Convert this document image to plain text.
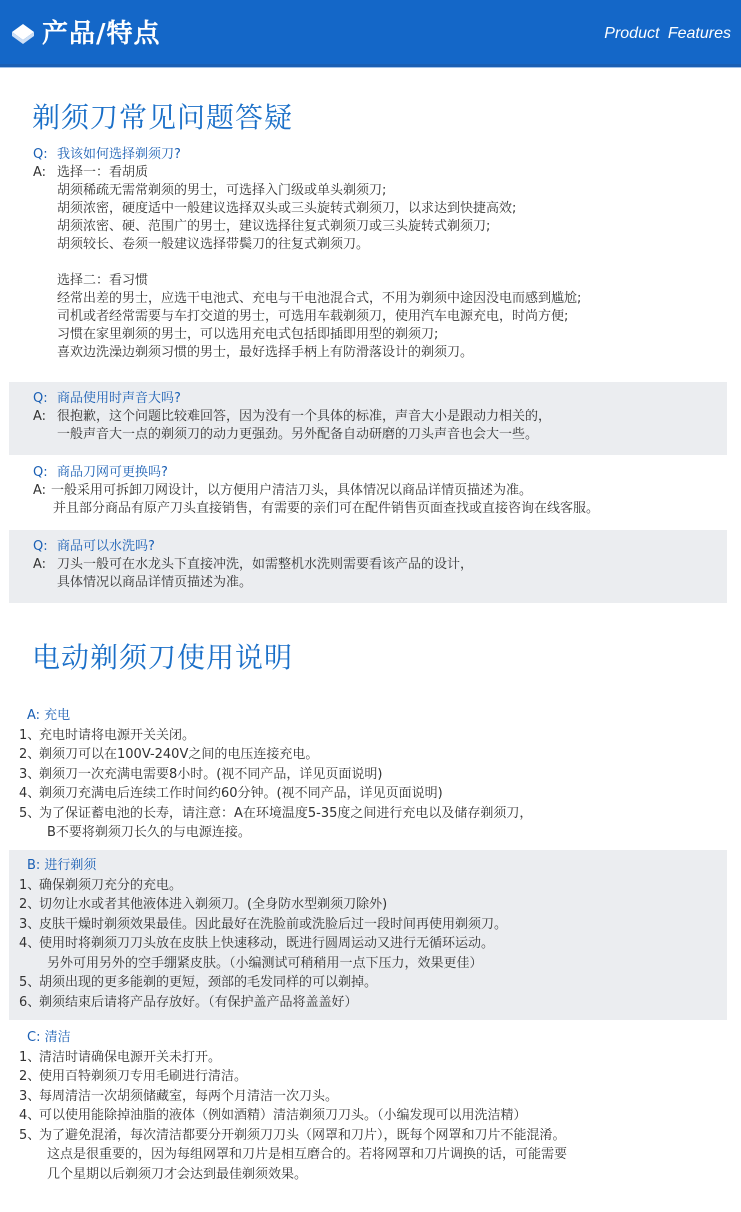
产品/特点	Product Features
剃须刀常见问题答疑
Q: 我该如何选择剃须刀?
A: 选择一：看胡质
胡须稀疏无需常剃须的男士，可选择入门级或单头剃须刀;
胡须浓密，硬度适中一般建议选择双头或三头旋转式剃须刀，以求达到快捷高效;
胡须浓密、硬、范围广的男士，建议选择往复式剃须刀或三头旋转式剃须刀;
胡须较长、卷须一般建议选择带鬓刀的往复式剃须刀。
选择二：看习惯
经常出差的男士，应选干电池式、充电与干电池混合式，不用为剃须中途因没电而感到尴尬;
司机或者经常需要与车打交道的男士，可选用车载剃须刀，使用汽车电源充电，时尚方便;
习惯在家里剃须的男士，可以选用充电式包括即插即用型的剃须刀;
喜欢边洗澡边剃须习惯的男士，最好选择手柄上有防滑落设计的剃须刀。
Q: 商品使用时声音大吗?
A: 很抱歉，这个问题比较难回答，因为没有一个具体的标准，声音大小是跟动力相关的，
一般声音大一点的剃须刀的动力更强劲。另外配备自动研磨的刀头声音也会大一些。
Q: 商品刀网可更换吗?
A: 一般采用可拆卸刀网设计，以方便用户清洁刀头，具体情况以商品详情页描述为准。
并且部分商品有原产刀头直接销售，有需要的亲们可在配件销售页面查找或直接咨询在线客服。
Q: 商品可以水洗吗?
A: 刀头一般可在水龙头下直接冲洗，如需整机水洗则需要看该产品的设计，
具体情况以商品详情页描述为准。
电动剃须刀使用说明
A: 充电
1、充电时请将电源开关关闭。
2、剃须刀可以在100V-240V之间的电压连接充电。
3、剃须刀一次充满电需要8小时。(视不同产品，详见页面说明)
4、剃须刀充满电后连续工作时间约60分钟。(视不同产品，详见页面说明)
5、为了保证蓄电池的长寿，请注意：A在环境温度5-35度之间进行充电以及储存剃须刀，
B不要将剃须刀长久的与电源连接。
B: 进行剃须
1、确保剃须刀充分的充电。
2、切勿让水或者其他液体进入剃须刀。(全身防水型剃须刀除外)
3、皮肤干燥时剃须效果最佳。因此最好在洗脸前或洗脸后过一段时间再使用剃须刀。
4、使用时将剃须刀刀头放在皮肤上快速移动，既进行圆周运动又进行无循环运动。
另外可用另外的空手绷紧皮肤。（小编测试可稍稍用一点下压力，效果更佳）
5、胡须出现的更多能剃的更短，颈部的毛发同样的可以剃掉。
6、剃须结束后请将产品存放好。（有保护盖产品将盖盖好）
C: 清洁
1、清洁时请确保电源开关未打开。
2、使用百特剃须刀专用毛刷进行清洁。
3、每周清洁一次胡须储藏室，每两个月清洁一次刀头。
4、可以使用能除掉油脂的液体（例如酒精）清洁剃须刀刀头。（小编发现可以用洗洁精）
5、为了避免混淆，每次清洁都要分开剃须刀刀头（网罩和刀片），既每个网罩和刀片不能混淆。
这点是很重要的，因为每组网罩和刀片是相互磨合的。若将网罩和刀片调换的话，可能需要
几个星期以后剃须刀才会达到最佳剃须效果。
